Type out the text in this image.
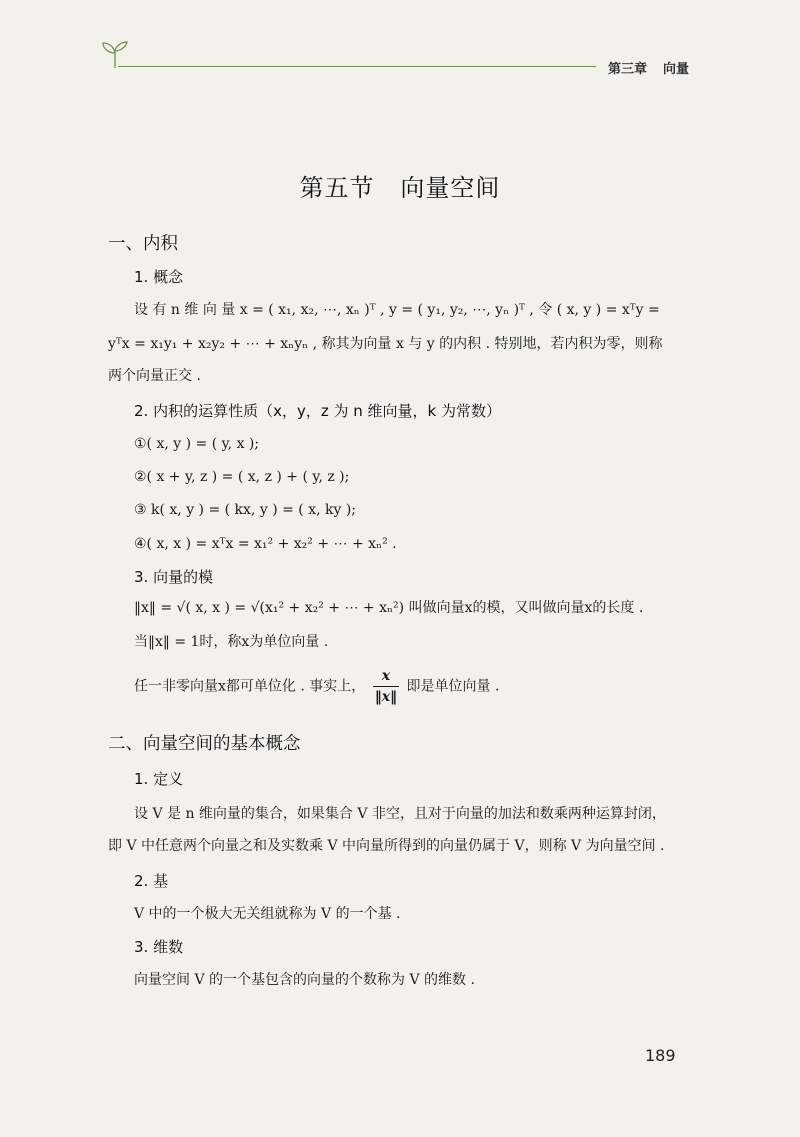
第三章 向量
第五节   向量空间
一、内积
1. 概念
设 有 n 维 向 量 x = ( x₁, x₂, ⋯, xₙ )ᵀ , y = ( y₁, y₂, ⋯, yₙ )ᵀ , 令 ( x, y ) = xᵀy =
yᵀx = x₁y₁ + x₂y₂ + ⋯ + xₙyₙ , 称其为向量 x 与 y 的内积 . 特别地，若内积为零，则称
两个向量正交 .
2. 内积的运算性质（x，y，z 为 n 维向量，k 为常数）
①( x, y ) = ( y, x );
②( x + y, z ) = ( x, z ) + ( y, z );
③ k( x, y ) = ( kx, y ) = ( x, ky );
④( x, x ) = xᵀx = x₁² + x₂² + ⋯ + xₙ² .
3. 向量的模
‖x‖ = √( x, x ) = √(x₁² + x₂² + ⋯ + xₙ²) 叫做向量x的模，又叫做向量x的长度 .
当‖x‖ = 1时，称x为单位向量 .
任一非零向量x都可单位化 . 事实上， $\frac{x}{‖x‖}$ 即是单位向量 .
二、向量空间的基本概念
1. 定义
设 V 是 n 维向量的集合，如果集合 V 非空，且对于向量的加法和数乘两种运算封闭，
即 V 中任意两个向量之和及实数乘 V 中向量所得到的向量仍属于 V，则称 V 为向量空间 .
2. 基
V 中的一个极大无关组就称为 V 的一个基 .
3. 维数
向量空间 V 的一个基包含的向量的个数称为 V 的维数 .
189
